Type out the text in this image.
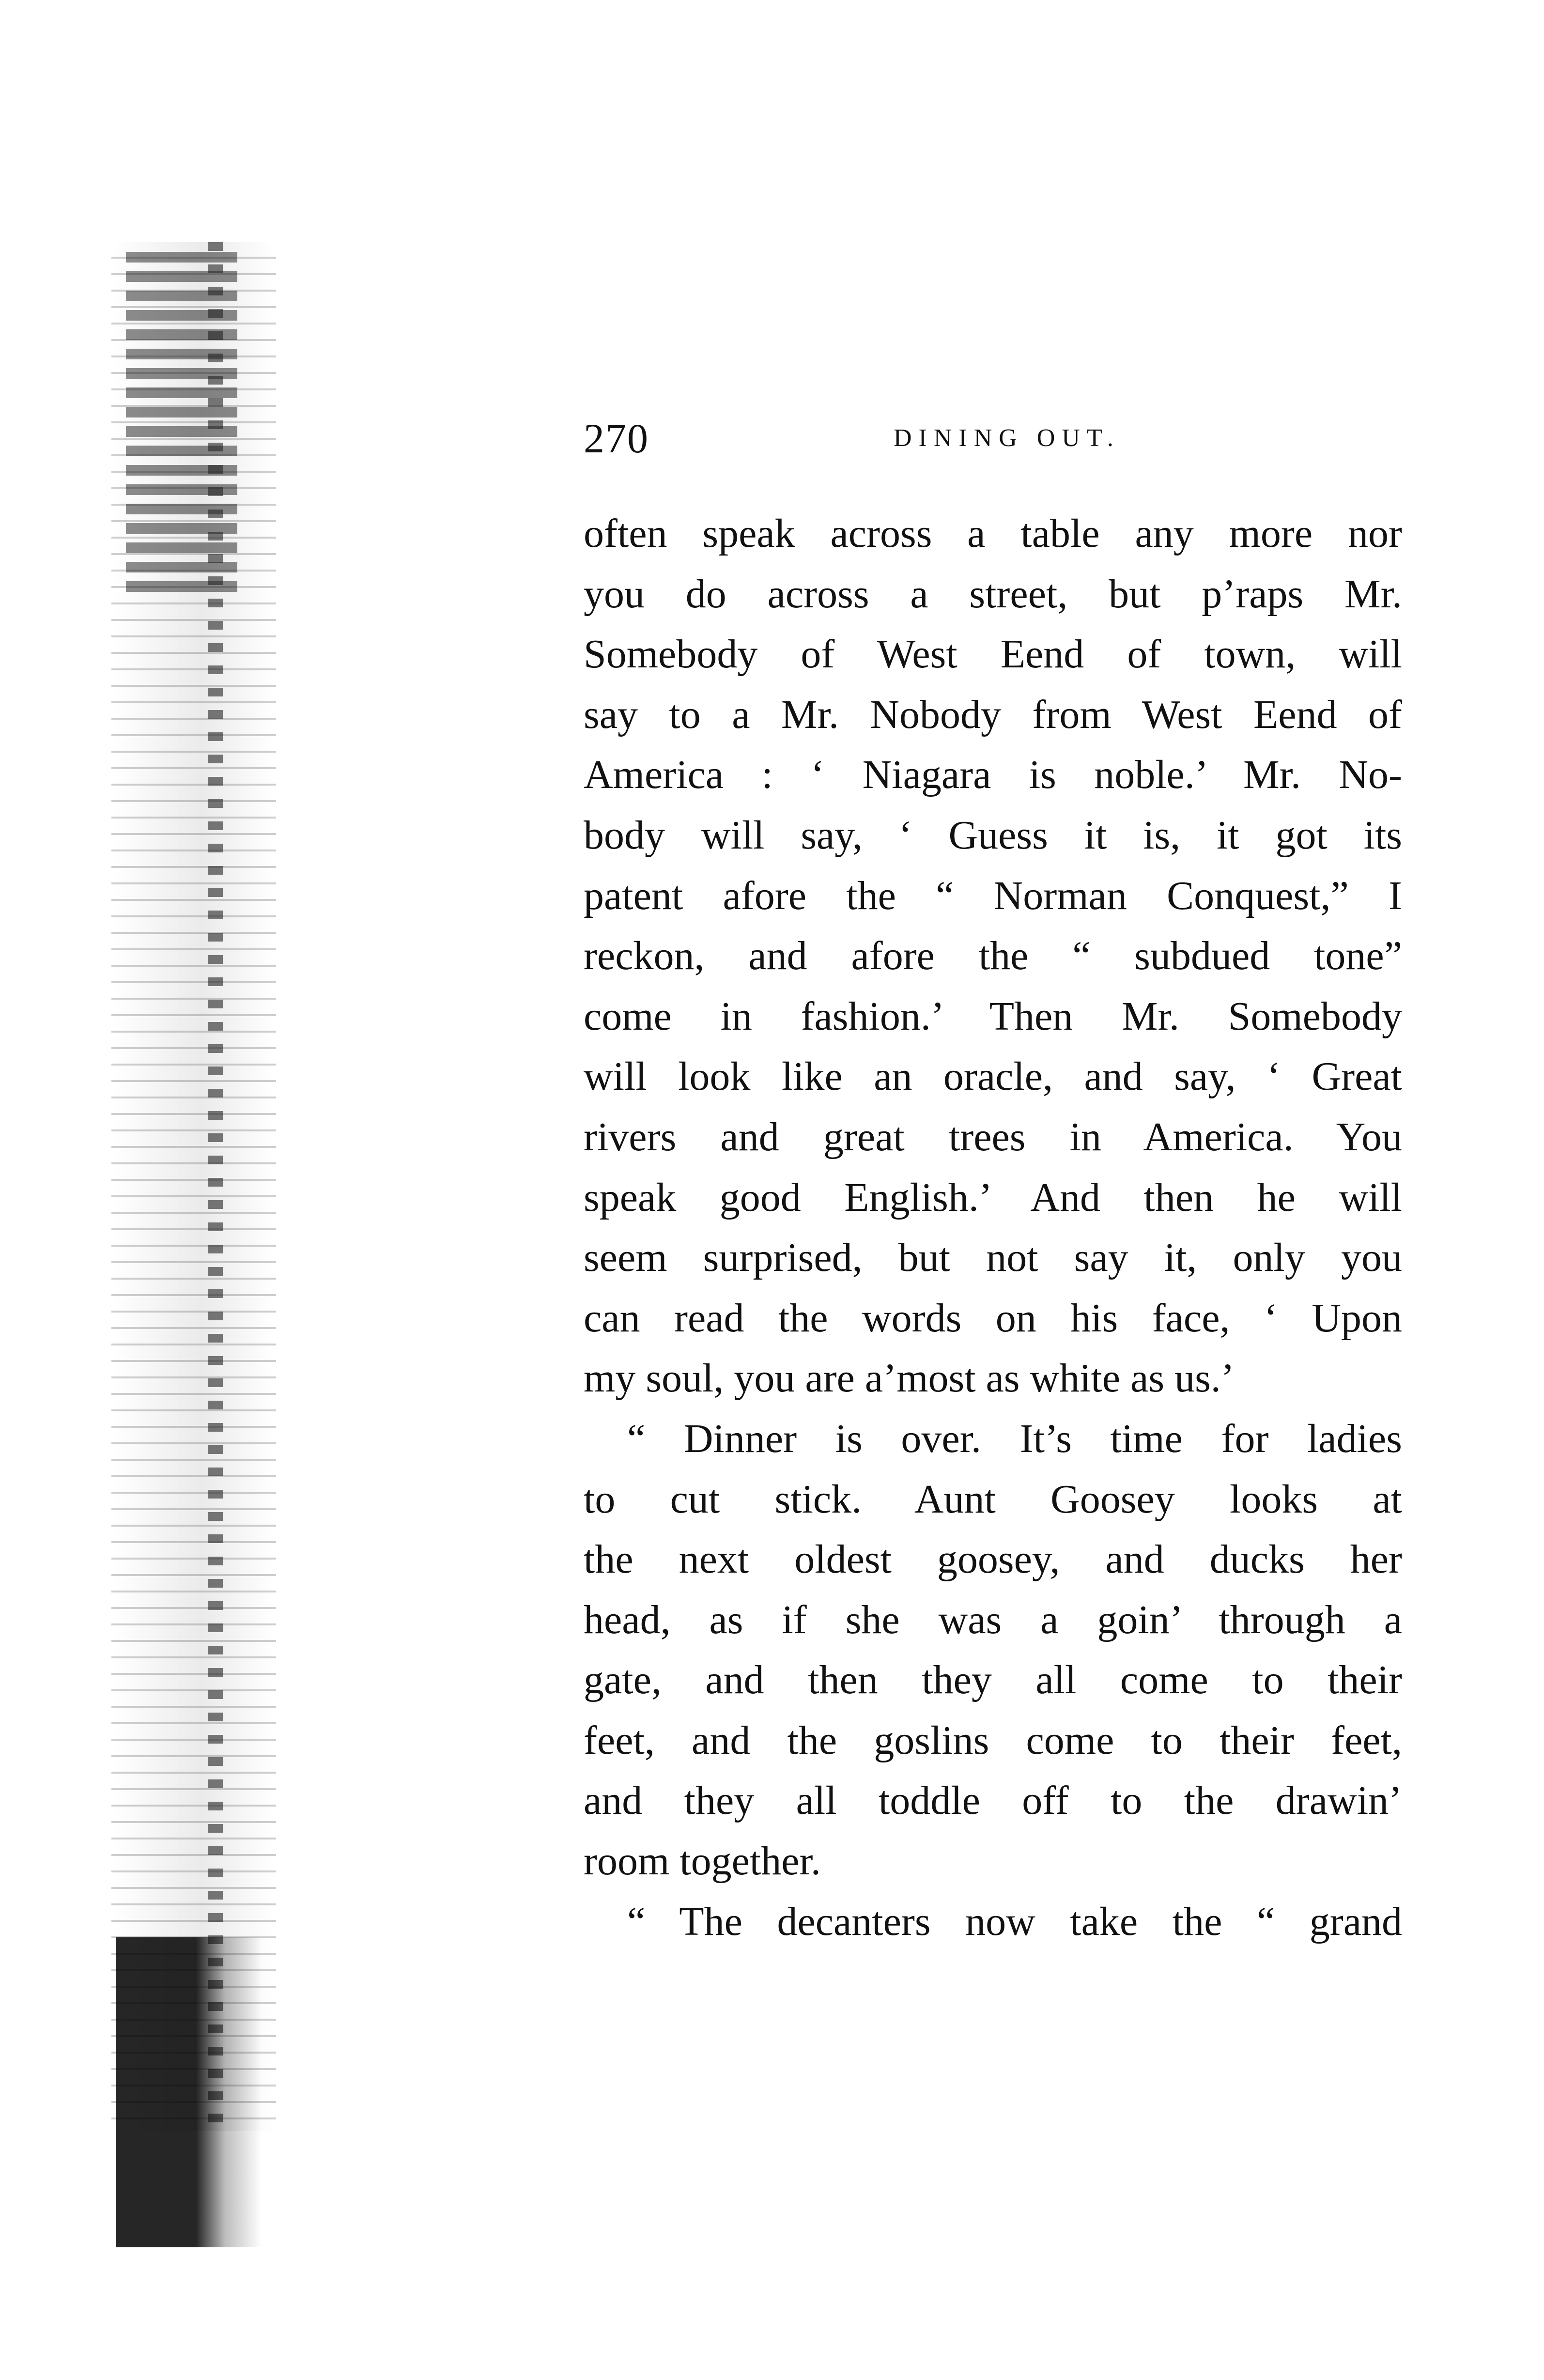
270	DINING OUT.
often speak across a table any more nor
you do across a street, but p’raps Mr.
Somebody of West Eend of town, will
say to a Mr. Nobody from West Eend of
America : ‘ Niagara is noble.’ Mr. No-
body will say, ‘ Guess it is, it got its
patent afore the “ Norman Conquest,” I
reckon, and afore the “ subdued tone”
come in fashion.’ Then Mr. Somebody
will look like an oracle, and say, ‘ Great
rivers and great trees in America. You
speak good English.’ And then he will
seem surprised, but not say it, only you
can read the words on his face, ‘ Upon
my soul, you are a’most as white as us.’
“ Dinner is over. It’s time for ladies
to cut stick. Aunt Goosey looks at
the next oldest goosey, and ducks her
head, as if she was a goin’ through a
gate, and then they all come to their
feet, and the goslins come to their feet,
and they all toddle off to the drawin’
room together.
“ The decanters now take the “ grand
